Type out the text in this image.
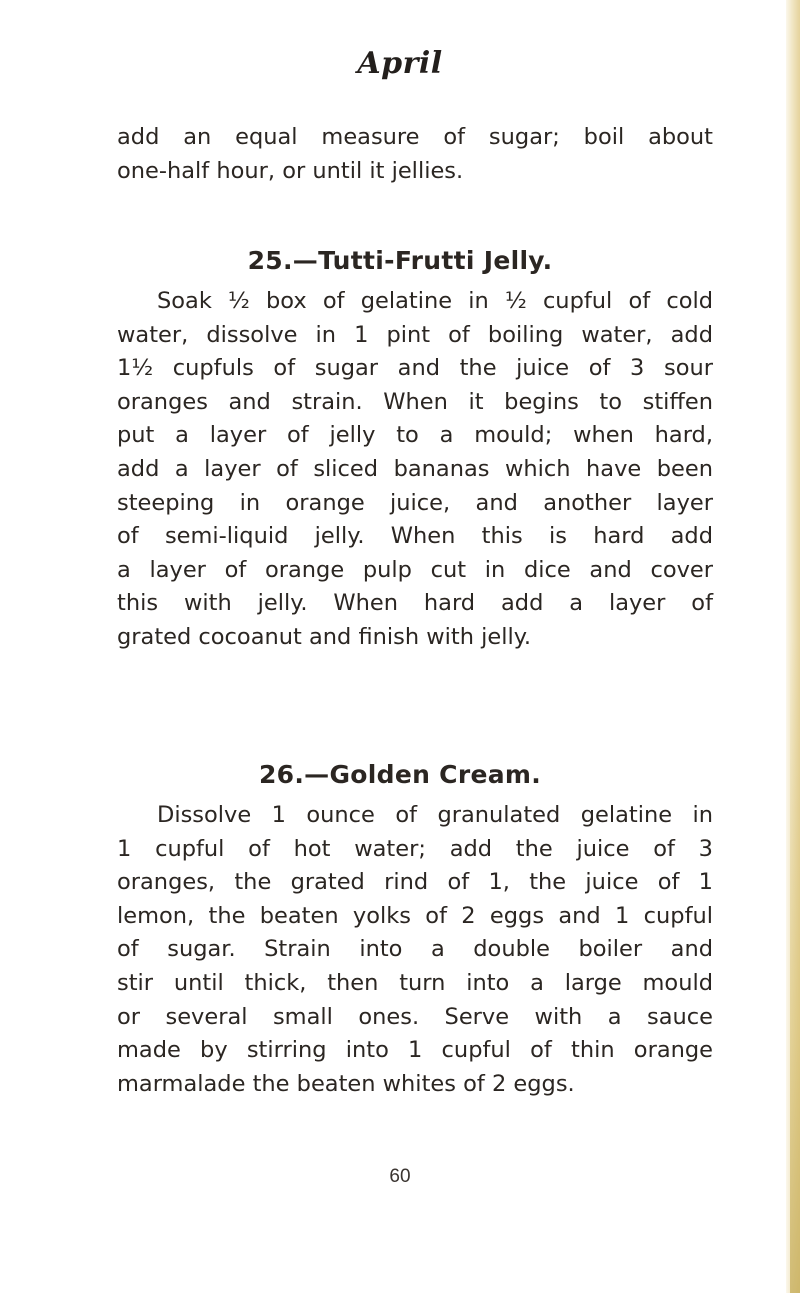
April
add an equal measure of sugar; boil about
one-half hour, or until it jellies.
25.—Tutti-Frutti Jelly.
Soak ½ box of gelatine in ½ cupful of cold
water, dissolve in 1 pint of boiling water, add
1½ cupfuls of sugar and the juice of 3 sour
oranges and strain. When it begins to stiffen
put a layer of jelly to a mould; when hard,
add a layer of sliced bananas which have been
steeping in orange juice, and another layer
of semi-liquid jelly. When this is hard add
a layer of orange pulp cut in dice and cover
this with jelly. When hard add a layer of
grated cocoanut and finish with jelly.
26.—Golden Cream.
Dissolve 1 ounce of granulated gelatine in
1 cupful of hot water; add the juice of 3
oranges, the grated rind of 1, the juice of 1
lemon, the beaten yolks of 2 eggs and 1 cupful
of sugar. Strain into a double boiler and
stir until thick, then turn into a large mould
or several small ones. Serve with a sauce
made by stirring into 1 cupful of thin orange
marmalade the beaten whites of 2 eggs.
60
